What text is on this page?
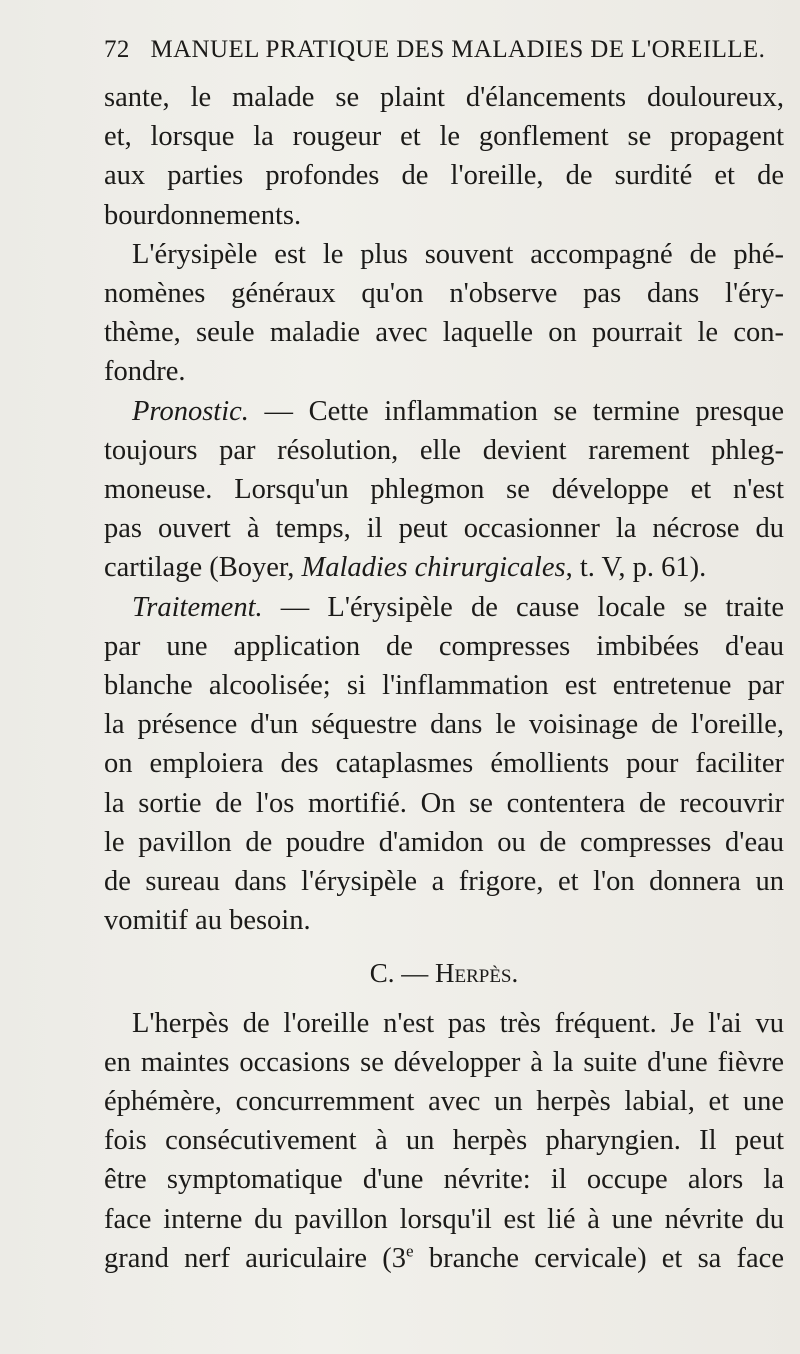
72 MANUEL PRATIQUE DES MALADIES DE L'OREILLE.
sante, le malade se plaint d'élancements douloureux,
et, lorsque la rougeur et le gonflement se propagent
aux parties profondes de l'oreille, de surdité et de
bourdonnements.
L'érysipèle est le plus souvent accompagné de phé-
nomènes généraux qu'on n'observe pas dans l'éry-
thème, seule maladie avec laquelle on pourrait le con-
fondre.
Pronostic. — Cette inflammation se termine presque
toujours par résolution, elle devient rarement phleg-
moneuse. Lorsqu'un phlegmon se développe et n'est
pas ouvert à temps, il peut occasionner la nécrose du
cartilage (Boyer, Maladies chirurgicales, t. V, p. 61).
Traitement. — L'érysipèle de cause locale se traite
par une application de compresses imbibées d'eau
blanche alcoolisée; si l'inflammation est entretenue par
la présence d'un séquestre dans le voisinage de l'oreille,
on emploiera des cataplasmes émollients pour faciliter
la sortie de l'os mortifié. On se contentera de recouvrir
le pavillon de poudre d'amidon ou de compresses d'eau
de sureau dans l'érysipèle a frigore, et l'on donnera un
vomitif au besoin.
C. — Herpès.
L'herpès de l'oreille n'est pas très fréquent. Je l'ai vu
en maintes occasions se développer à la suite d'une fièvre
éphémère, concurremment avec un herpès labial, et une
fois consécutivement à un herpès pharyngien. Il peut
être symptomatique d'une névrite: il occupe alors la
face interne du pavillon lorsqu'il est lié à une névrite du
grand nerf auriculaire (3e branche cervicale) et sa face
